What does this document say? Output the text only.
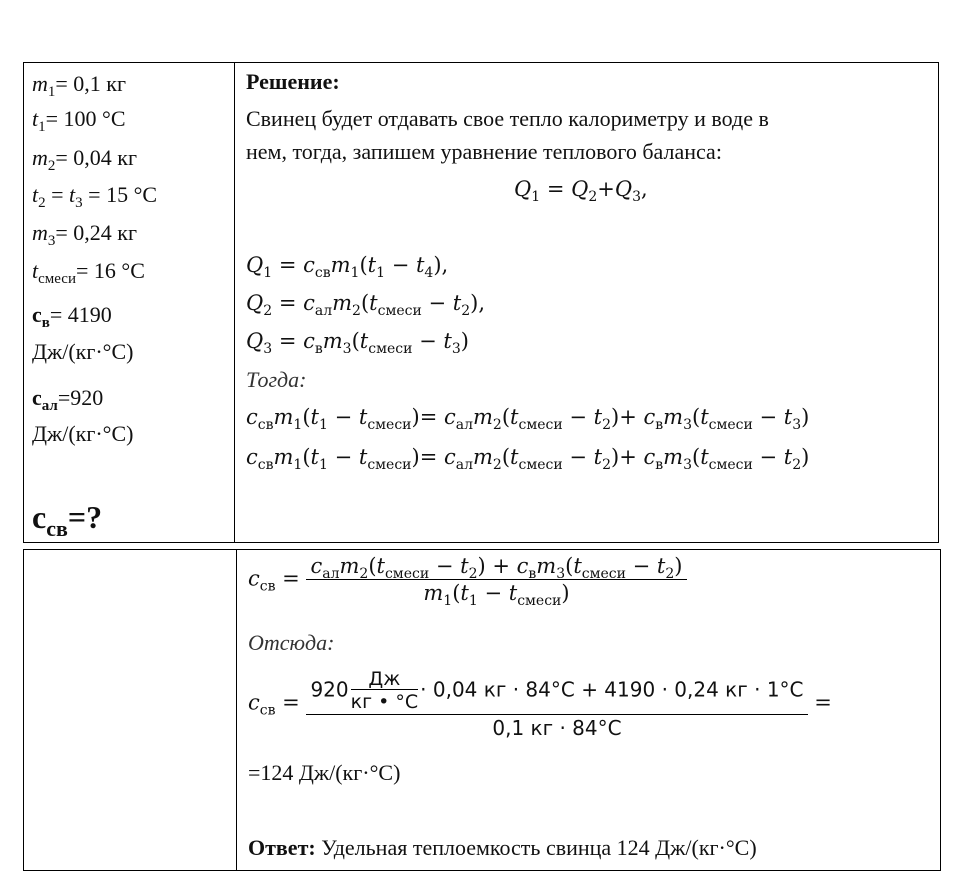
$m_1= 0,1$ кг
$t_1= 100$ °C
$m_2= 0,04$ кг
$t_2 = t_3 = 15$ °C
$m_3= 0,24$ кг
$t_{смеси}= 16$ °C
$с_в= 4190$
Дж/(кг·°С)
$с_{ал}=920$
Дж/(кг·°С)
$с_{св}=$?
Решение:
Свинец будет отдавать свое тепло калориметру и воде в
нем, тогда, запишем уравнение теплового баланса:
$Q_1 = Q_2+Q_3$,
$Q_1 = c_{св}m_1(t_1 - t_4)$,
$Q_2 = c_{ал}m_2(t_{смеси} - t_2)$,
$Q_3 = c_вm_3(t_{смеси} - t_3)$
Тогда:
$c_{св}m_1(t_1 - t_{смеси})= c_{ал}m_2(t_{смеси} - t_2)+ c_вm_3(t_{смеси} - t_3)$
$c_{св}m_1(t_1 - t_{смеси})= c_{ал}m_2(t_{смеси} - t_2)+ c_вm_3(t_{смеси} - t_2)$
$c_{св} = \frac{c_{ал}m_2(t_{смеси} - t_2) + c_вm_3(t_{смеси} - t_2)}{m_1(t_1 - t_{смеси})}$
Отсюда:
$c_{св} = \frac{920 \frac{Дж}{кг • ^\circ С} \cdot 0,04 кг \cdot 84^\circ С + 4190 \cdot 0,24 кг \cdot 1^\circ С}{0,1 кг \cdot 84^\circ С}$ =
=124 Дж/(кг·°С)
Ответ: Удельная теплоемкость свинца 124 Дж/(кг·°С)
